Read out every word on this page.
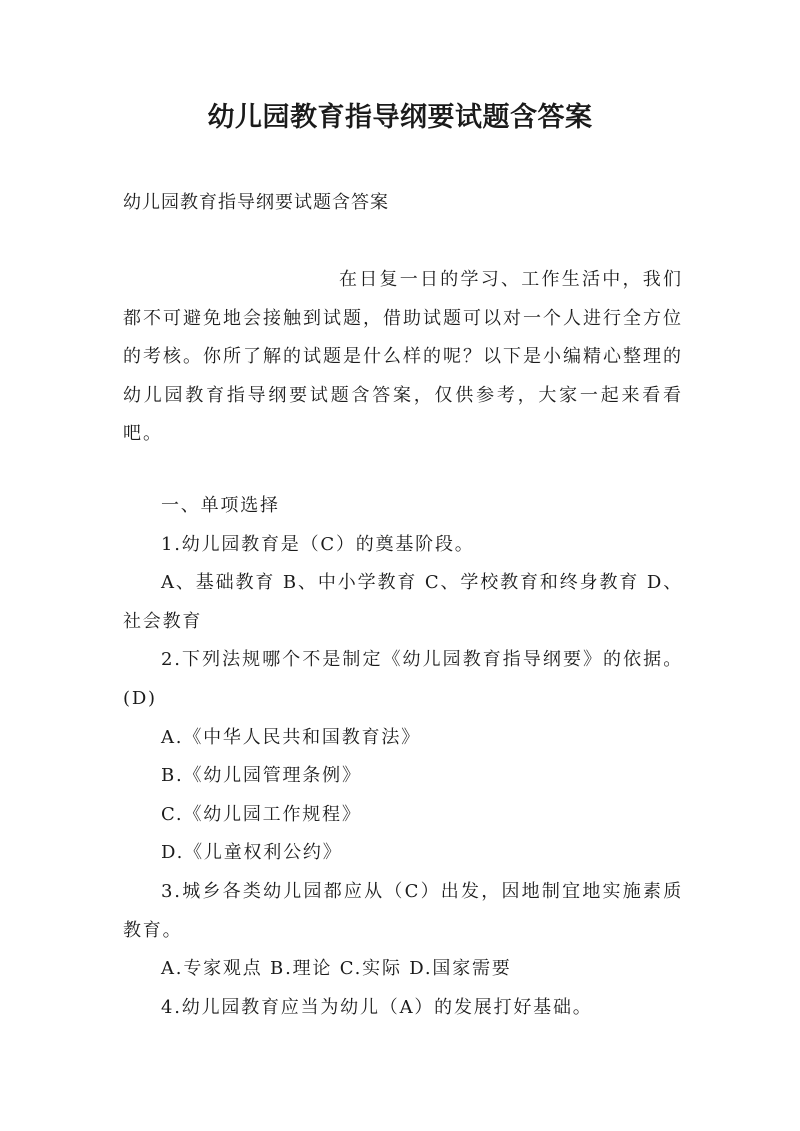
幼儿园教育指导纲要试题含答案
幼儿园教育指导纲要试题含答案

在日复一日的学习、工作生活中，我们都不可避免地会接触到试题，借助试题可以对一个人进行全方位的考核。你所了解的试题是什么样的呢？以下是小编精心整理的幼儿园教育指导纲要试题含答案，仅供参考，大家一起来看看吧。

一、单项选择

1.幼儿园教育是（C）的奠基阶段。

A、基础教育 B、中小学教育 C、学校教育和终身教育 D、社会教育

2.下列法规哪个不是制定《幼儿园教育指导纲要》的依据。(D)

A.《中华人民共和国教育法》

B.《幼儿园管理条例》

C.《幼儿园工作规程》

D.《儿童权利公约》

3.城乡各类幼儿园都应从（C）出发，因地制宜地实施素质教育。

A.专家观点 B.理论 C.实际 D.国家需要

4.幼儿园教育应当为幼儿（A）的发展打好基础。
